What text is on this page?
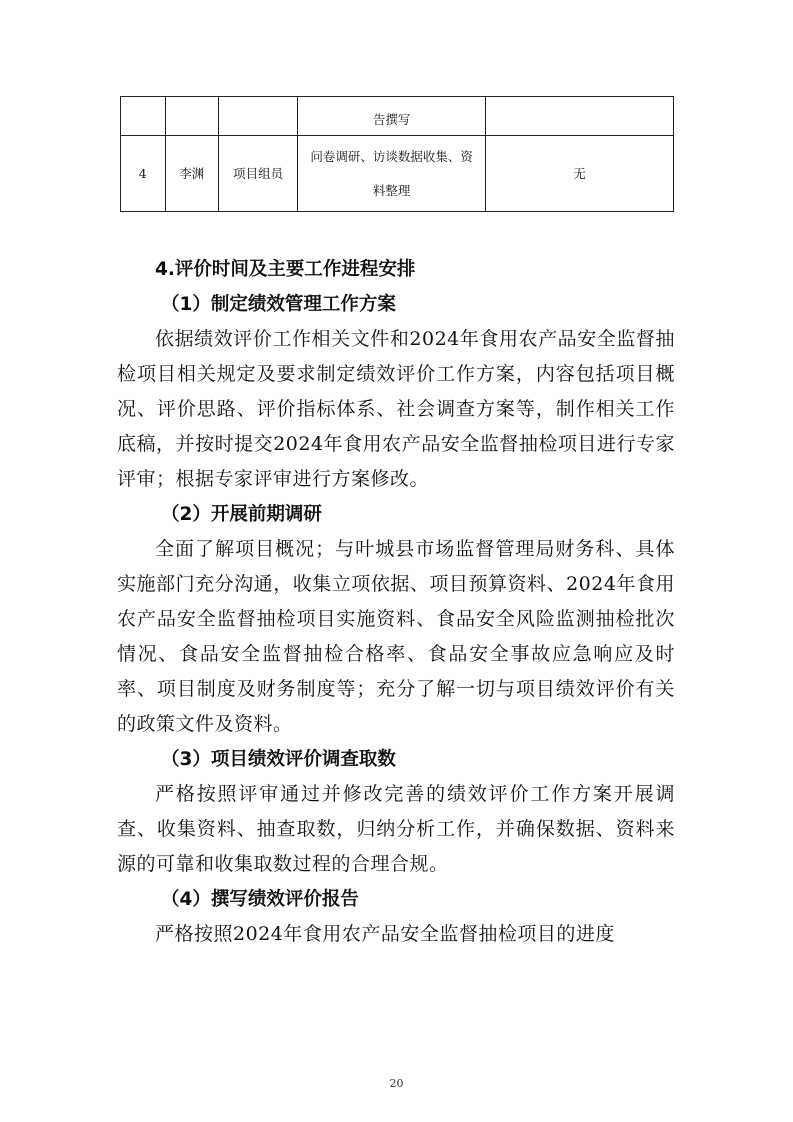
			告撰写	
4	李渊	项目组员	问卷调研、访谈数据收集、资
料整理	无

4.评价时间及主要工作进程安排

（1）制定绩效管理工作方案

依据绩效评价工作相关文件和2024年食用农产品安全监督抽检项目相关规定及要求制定绩效评价工作方案，内容包括项目概况、评价思路、评价指标体系、社会调查方案等，制作相关工作底稿，并按时提交2024年食用农产品安全监督抽检项目进行专家评审；根据专家评审进行方案修改。

（2）开展前期调研

全面了解项目概况；与叶城县市场监督管理局财务科、具体实施部门充分沟通，收集立项依据、项目预算资料、2024年食用农产品安全监督抽检项目实施资料、食品安全风险监测抽检批次情况、食品安全监督抽检合格率、食品安全事故应急响应及时率、项目制度及财务制度等；充分了解一切与项目绩效评价有关的政策文件及资料。

（3）项目绩效评价调查取数

严格按照评审通过并修改完善的绩效评价工作方案开展调查、收集资料、抽查取数，归纳分析工作，并确保数据、资料来源的可靠和收集取数过程的合理合规。

（4）撰写绩效评价报告

严格按照2024年食用农产品安全监督抽检项目的进度

20
